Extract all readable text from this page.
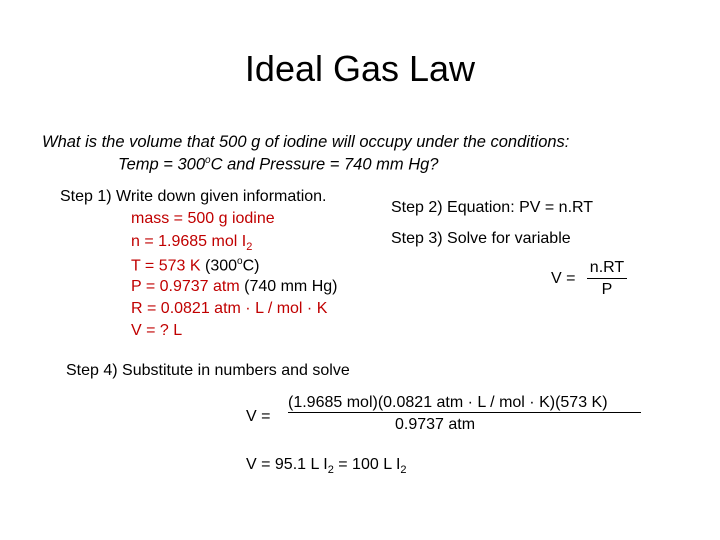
Ideal Gas Law
What is the volume that 500 g of iodine will occupy under the conditions:
Temp = $300^oC$ and Pressure = 740 mm Hg?
Step 1) Write down given information.
mass = 500 g iodine
n = 1.9685 mol $I_2$
T = 573 K (300$^o$C)
P = 0.9737 atm (740 mm Hg)
R = 0.0821 atm · L / mol · K
V = ? L
Step 2) Equation: PV = n.RT
Step 3) Solve for variable
V =
n.RT
P
Step 4) Substitute in numbers and solve
V =
(1.9685 mol)(0.0821 atm · L / mol · K)(573 K)
0.9737 atm
V = 95.1 L $I_2 = 100$ L $I_2$
